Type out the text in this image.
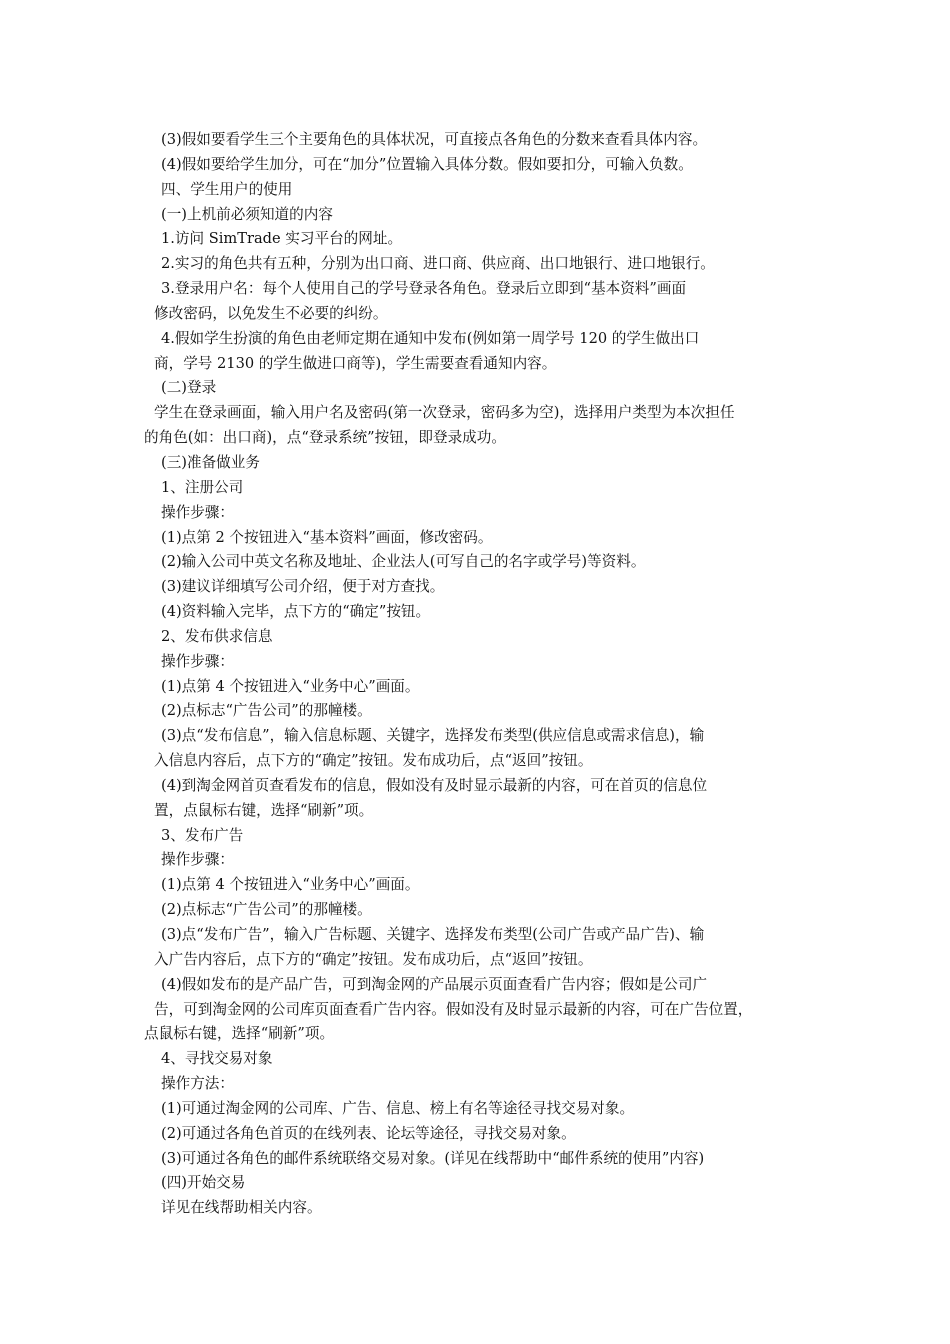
(3)假如要看学生三个主要角色的具体状况，可直接点各角色的分数来查看具体内容。

(4)假如要给学生加分，可在“加分”位置输入具体分数。假如要扣分，可输入负数。

四、学生用户的使用

(一)上机前必须知道的内容

1.访问 SimTrade 实习平台的网址。

2.实习的角色共有五种，分别为出口商、进口商、供应商、出口地银行、进口地银行。

3.登录用户名：每个人使用自己的学号登录各角色。登录后立即到“基本资料”画面

修改密码，以免发生不必要的纠纷。

4.假如学生扮演的角色由老师定期在通知中发布(例如第一周学号 120 的学生做出口

商，学号 2130 的学生做进口商等)，学生需要查看通知内容。

(二)登录

学生在登录画面，输入用户名及密码(第一次登录，密码多为空)，选择用户类型为本次担任

的角色(如：出口商)，点“登录系统”按钮，即登录成功。

(三)准备做业务

1、注册公司

操作步骤：

(1)点第 2 个按钮进入“基本资料”画面，修改密码。

(2)输入公司中英文名称及地址、企业法人(可写自己的名字或学号)等资料。

(3)建议详细填写公司介绍，便于对方查找。

(4)资料输入完毕，点下方的“确定”按钮。

2、发布供求信息

操作步骤：

(1)点第 4 个按钮进入“业务中心”画面。

(2)点标志“广告公司”的那幢楼。

(3)点“发布信息”，输入信息标题、关键字，选择发布类型(供应信息或需求信息)，输

入信息内容后，点下方的“确定”按钮。发布成功后，点“返回”按钮。

(4)到淘金网首页查看发布的信息，假如没有及时显示最新的内容，可在首页的信息位

置，点鼠标右键，选择“刷新”项。

3、发布广告

操作步骤：

(1)点第 4 个按钮进入“业务中心”画面。

(2)点标志“广告公司”的那幢楼。

(3)点“发布广告”，输入广告标题、关键字、选择发布类型(公司广告或产品广告)、输

入广告内容后，点下方的“确定”按钮。发布成功后，点“返回”按钮。

(4)假如发布的是产品广告，可到淘金网的产品展示页面查看广告内容；假如是公司广

告，可到淘金网的公司库页面查看广告内容。假如没有及时显示最新的内容，可在广告位置，

点鼠标右键，选择“刷新”项。

4、寻找交易对象

操作方法：

(1)可通过淘金网的公司库、广告、信息、榜上有名等途径寻找交易对象。

(2)可通过各角色首页的在线列表、论坛等途径，寻找交易对象。

(3)可通过各角色的邮件系统联络交易对象。(详见在线帮助中“邮件系统的使用”内容)

(四)开始交易

详见在线帮助相关内容。
